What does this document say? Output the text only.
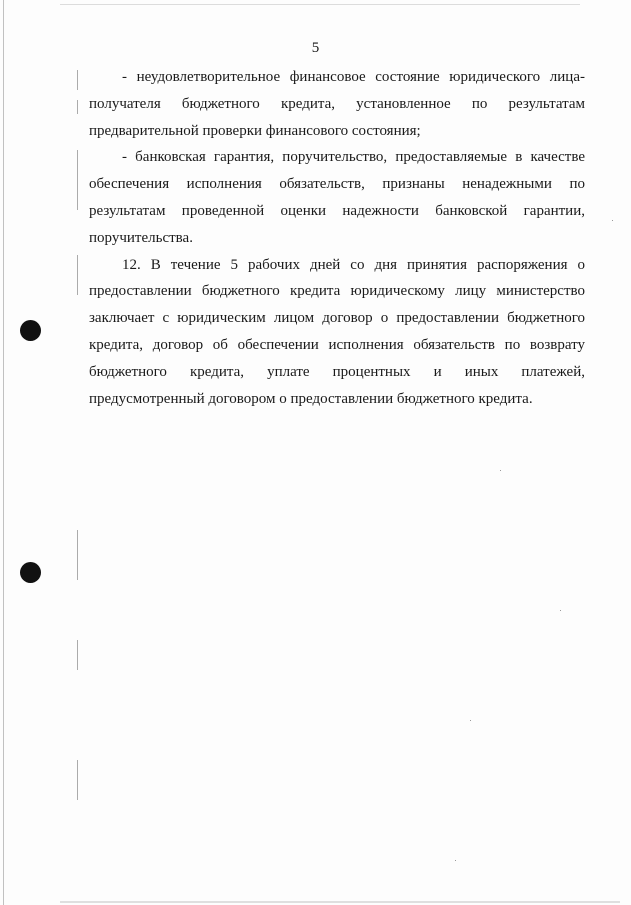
5

- неудовлетворительное финансовое состояние юридического лица-получателя бюджетного кредита, установленное по результатам предварительной проверки финансового состояния;

- банковская гарантия, поручительство, предоставляемые в качестве обеспечения исполнения обязательств, признаны ненадежными по результатам проведенной оценки надежности банковской гарантии, поручительства.

12. В течение 5 рабочих дней со дня принятия распоряжения о предоставлении бюджетного кредита юридическому лицу министерство заключает с юридическим лицом договор о предоставлении бюджетного кредита, договор об обеспечении исполнения обязательств по возврату бюджетного кредита, уплате процентных и иных платежей, предусмотренный договором о предоставлении бюджетного кредита.
